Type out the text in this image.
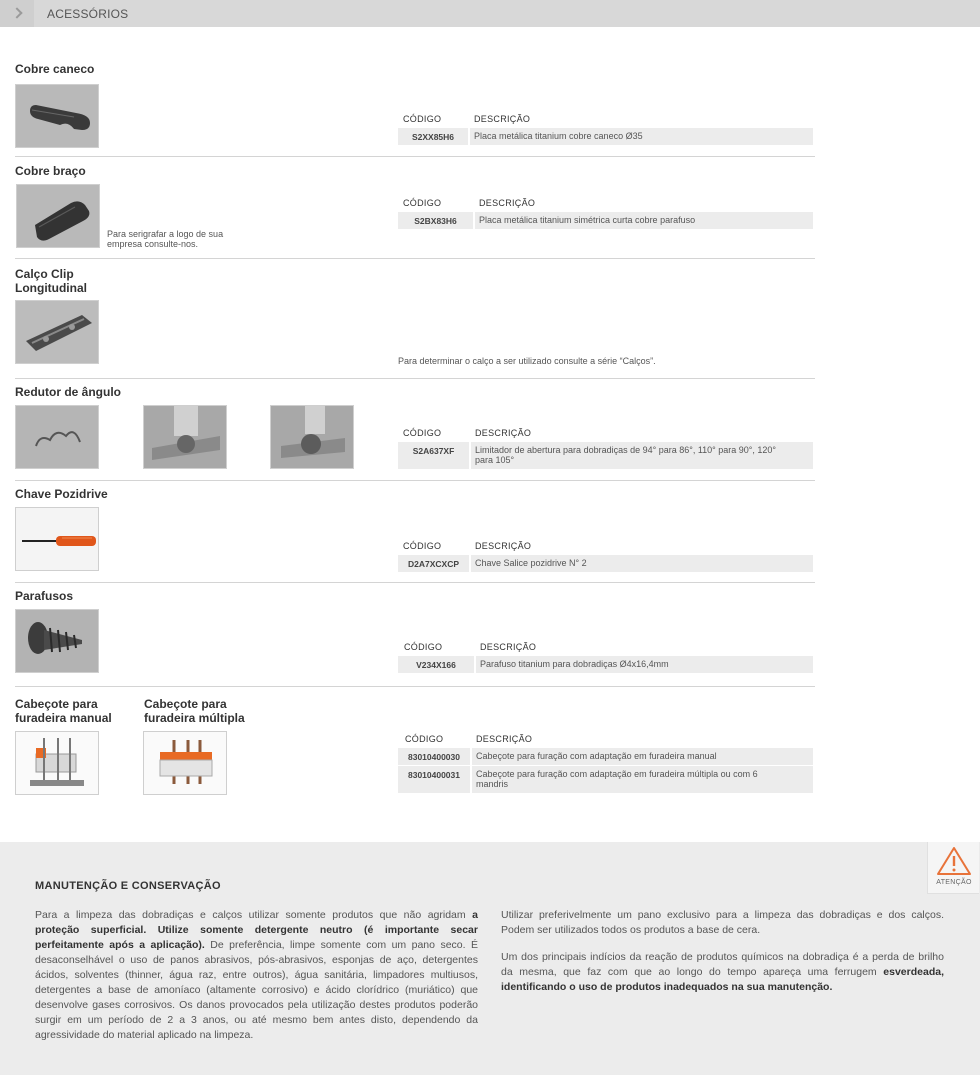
ACESSÓRIOS
Cobre caneco
CÓDIGO	DESCRIÇÃO
S2XX85H6	Placa metálica titanium cobre caneco Ø35
Cobre braço
Para serigrafar a logo de sua empresa consulte-nos.
CÓDIGO	DESCRIÇÃO
S2BX83H6	Placa metálica titanium simétrica curta cobre parafuso
Calço Clip
Longitudinal
Para determinar o calço a ser utilizado consulte a série “Calços”.
Redutor de ângulo
CÓDIGO	DESCRIÇÃO
S2A637XF	Limitador de abertura para dobradiças de 94° para 86°, 110° para 90°, 120° para 105°
Chave Pozidrive
CÓDIGO	DESCRIÇÃO
D2A7XCXCP	Chave Salice pozidrive N° 2
Parafusos
CÓDIGO	DESCRIÇÃO
V234X166	Parafuso titanium para dobradiças Ø4x16,4mm
Cabeçote para
furadeira manual
Cabeçote para
furadeira múltipla
CÓDIGO	DESCRIÇÃO
83010400030	Cabeçote para furação com adaptação em furadeira manual
83010400031	Cabeçote para furação com adaptação em furadeira múltipla ou com 6 mandris
MANUTENÇÃO E CONSERVAÇÃO

Para a limpeza das dobradiças e calços utilizar somente produtos que não agridam a proteção superficial. Utilize somente detergente neutro (é importante secar perfeitamente após a aplicação). De preferência, limpe somente com um pano seco. É desaconselhável o uso de panos abrasivos, pós-abrasivos, esponjas de aço, detergentes ácidos, solventes (thinner, água raz, entre outros), água sanitária, limpadores multiusos, detergentes a base de amoníaco (altamente corrosivo) e ácido clorídrico (muriático) que desenvolve gases corrosivos. Os danos provocados pela utilização destes produtos poderão surgir em um período de 2 a 3 anos, ou até mesmo bem antes disto, dependendo da agressividade do material aplicado na limpeza.

Utilizar preferivelmente um pano exclusivo para a limpeza das dobradiças e dos calços. Podem ser utilizados todos os produtos a base de cera.

Um dos principais indícios da reação de produtos químicos na dobradiça é a perda de brilho da mesma, que faz com que ao longo do tempo apareça uma ferrugem esverdeada, identificando o uso de produtos inadequados na sua manutenção.

ATENÇÃO
